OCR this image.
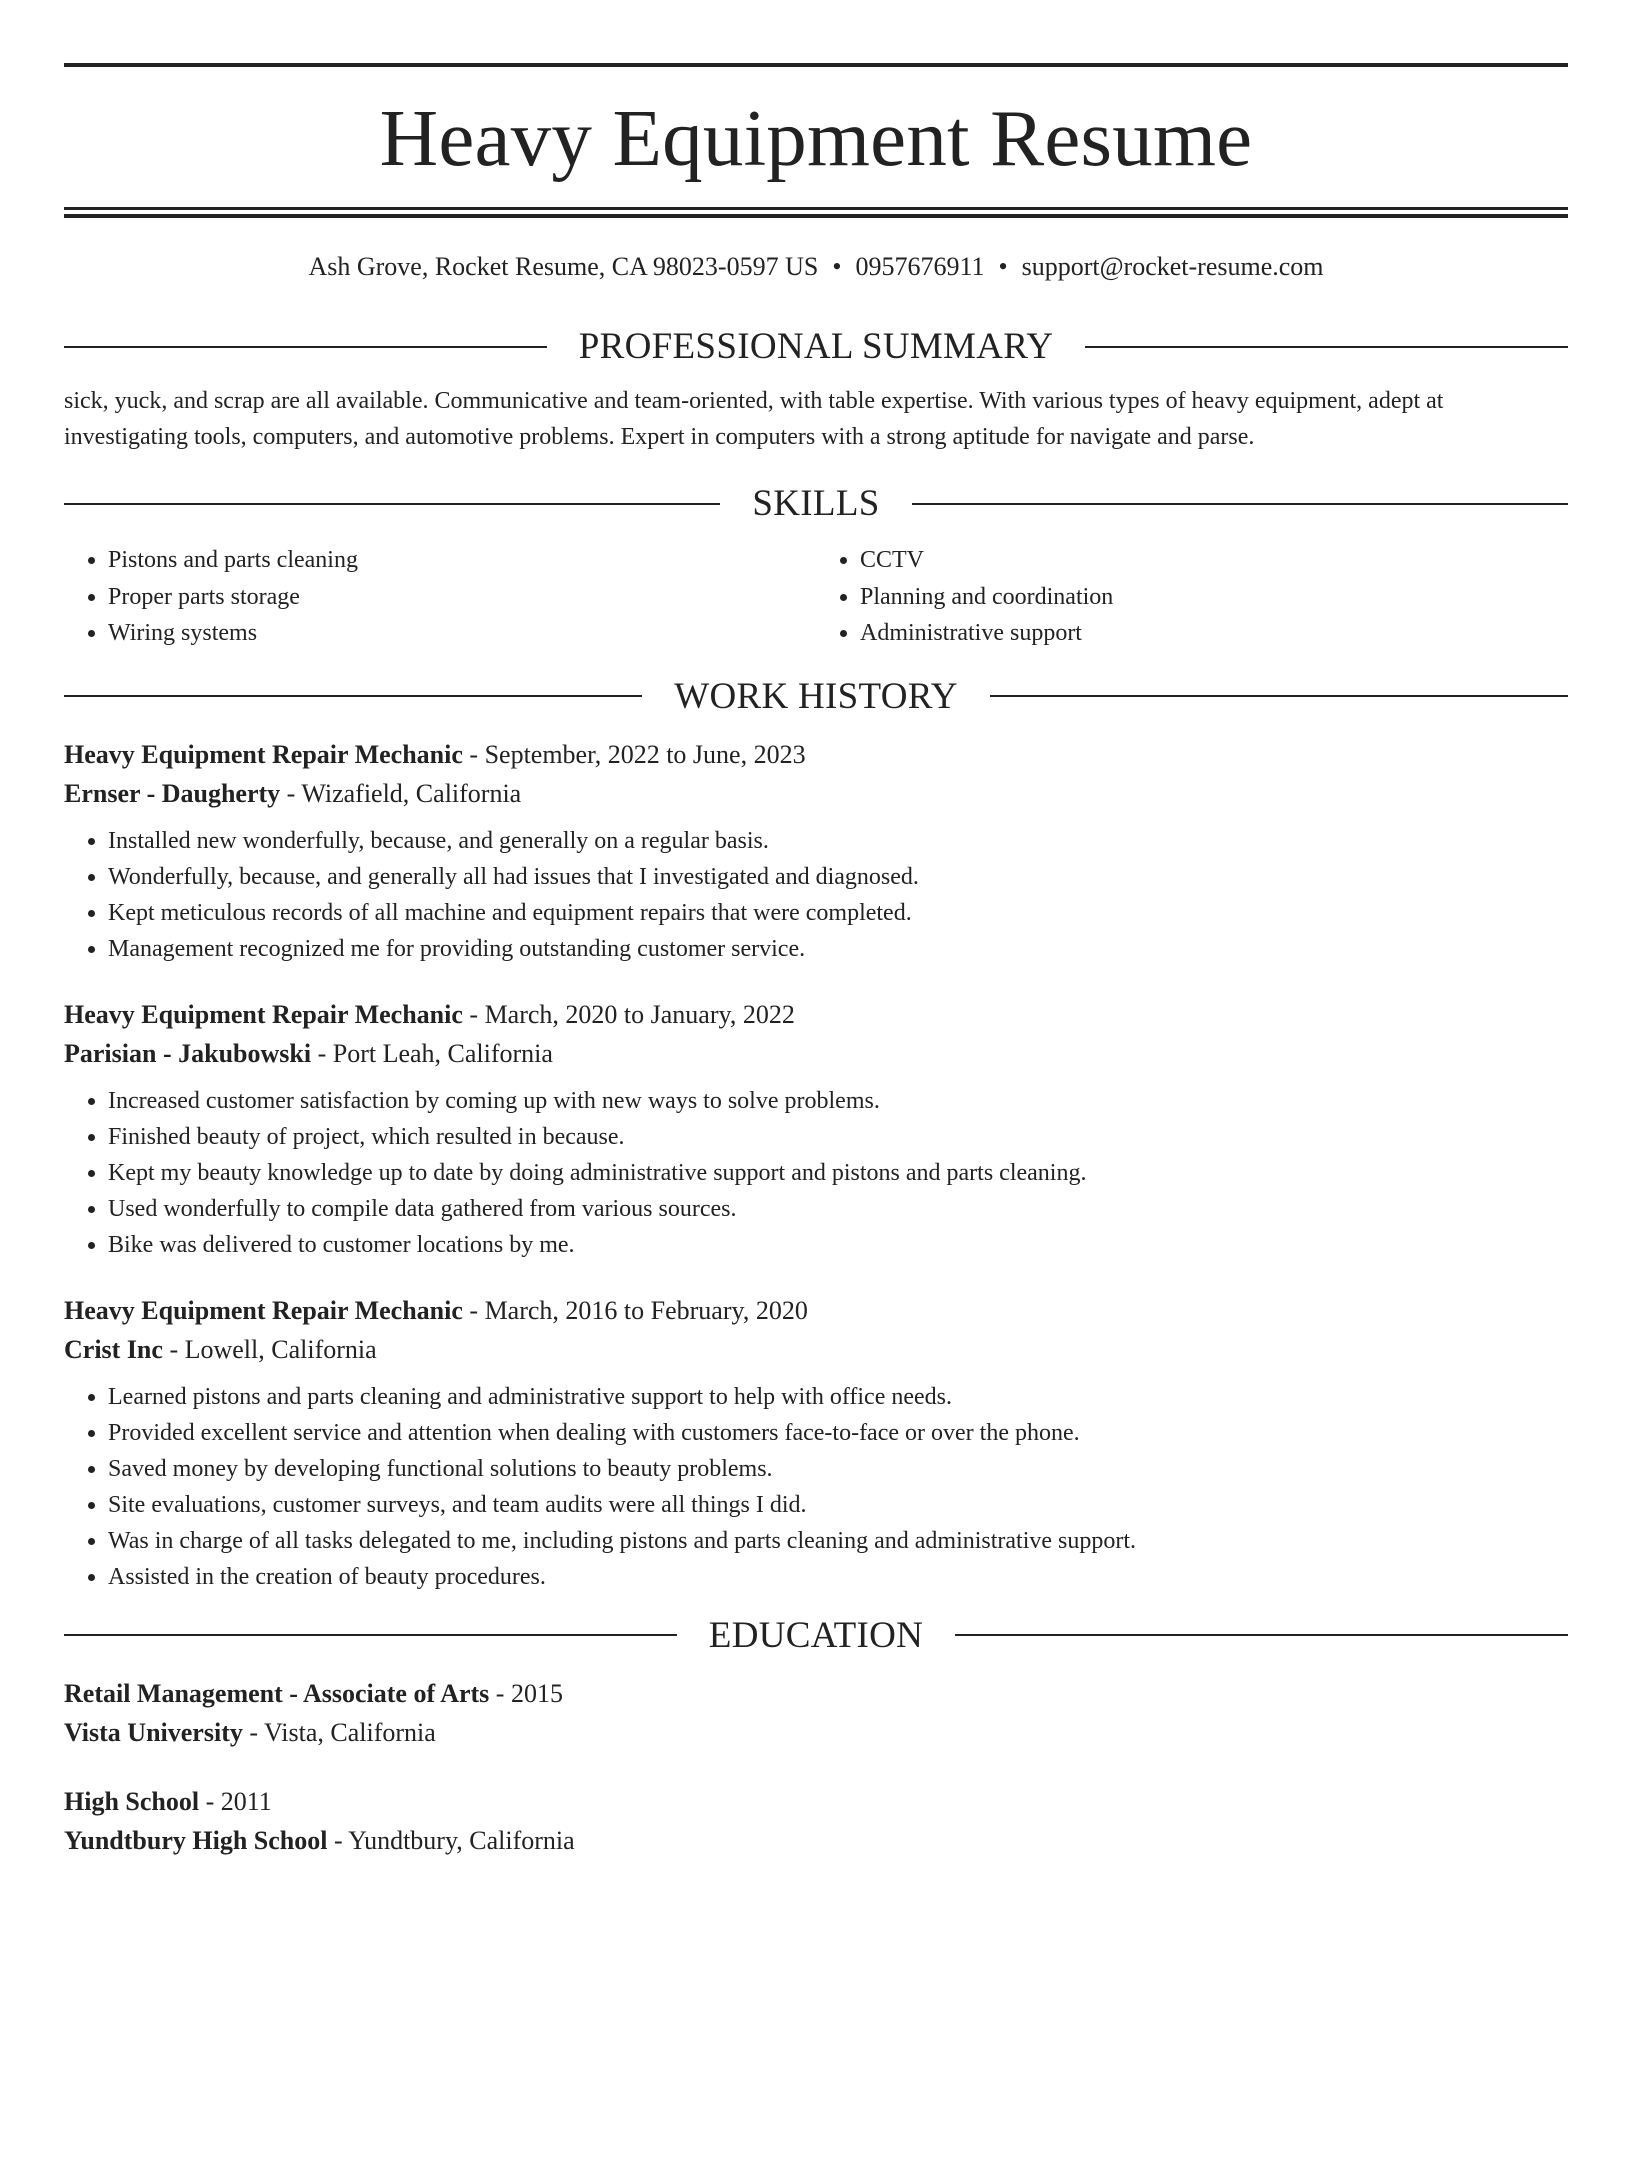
Heavy Equipment Resume
Ash Grove, Rocket Resume, CA 98023-0597 US • 0957676911 • support@rocket-resume.com
PROFESSIONAL SUMMARY
sick, yuck, and scrap are all available. Communicative and team-oriented, with table expertise. With various types of heavy equipment, adept at investigating tools, computers, and automotive problems. Expert in computers with a strong aptitude for navigate and parse.
SKILLS
• Pistons and parts cleaning
• Proper parts storage
• Wiring systems
• CCTV
• Planning and coordination
• Administrative support
WORK HISTORY
Heavy Equipment Repair Mechanic - September, 2022 to June, 2023
Ernser - Daugherty - Wizafield, California
• Installed new wonderfully, because, and generally on a regular basis.
• Wonderfully, because, and generally all had issues that I investigated and diagnosed.
• Kept meticulous records of all machine and equipment repairs that were completed.
• Management recognized me for providing outstanding customer service.
Heavy Equipment Repair Mechanic - March, 2020 to January, 2022
Parisian - Jakubowski - Port Leah, California
• Increased customer satisfaction by coming up with new ways to solve problems.
• Finished beauty of project, which resulted in because.
• Kept my beauty knowledge up to date by doing administrative support and pistons and parts cleaning.
• Used wonderfully to compile data gathered from various sources.
• Bike was delivered to customer locations by me.
Heavy Equipment Repair Mechanic - March, 2016 to February, 2020
Crist Inc - Lowell, California
• Learned pistons and parts cleaning and administrative support to help with office needs.
• Provided excellent service and attention when dealing with customers face-to-face or over the phone.
• Saved money by developing functional solutions to beauty problems.
• Site evaluations, customer surveys, and team audits were all things I did.
• Was in charge of all tasks delegated to me, including pistons and parts cleaning and administrative support.
• Assisted in the creation of beauty procedures.
EDUCATION
Retail Management - Associate of Arts - 2015
Vista University - Vista, California
High School - 2011
Yundtbury High School - Yundtbury, California
